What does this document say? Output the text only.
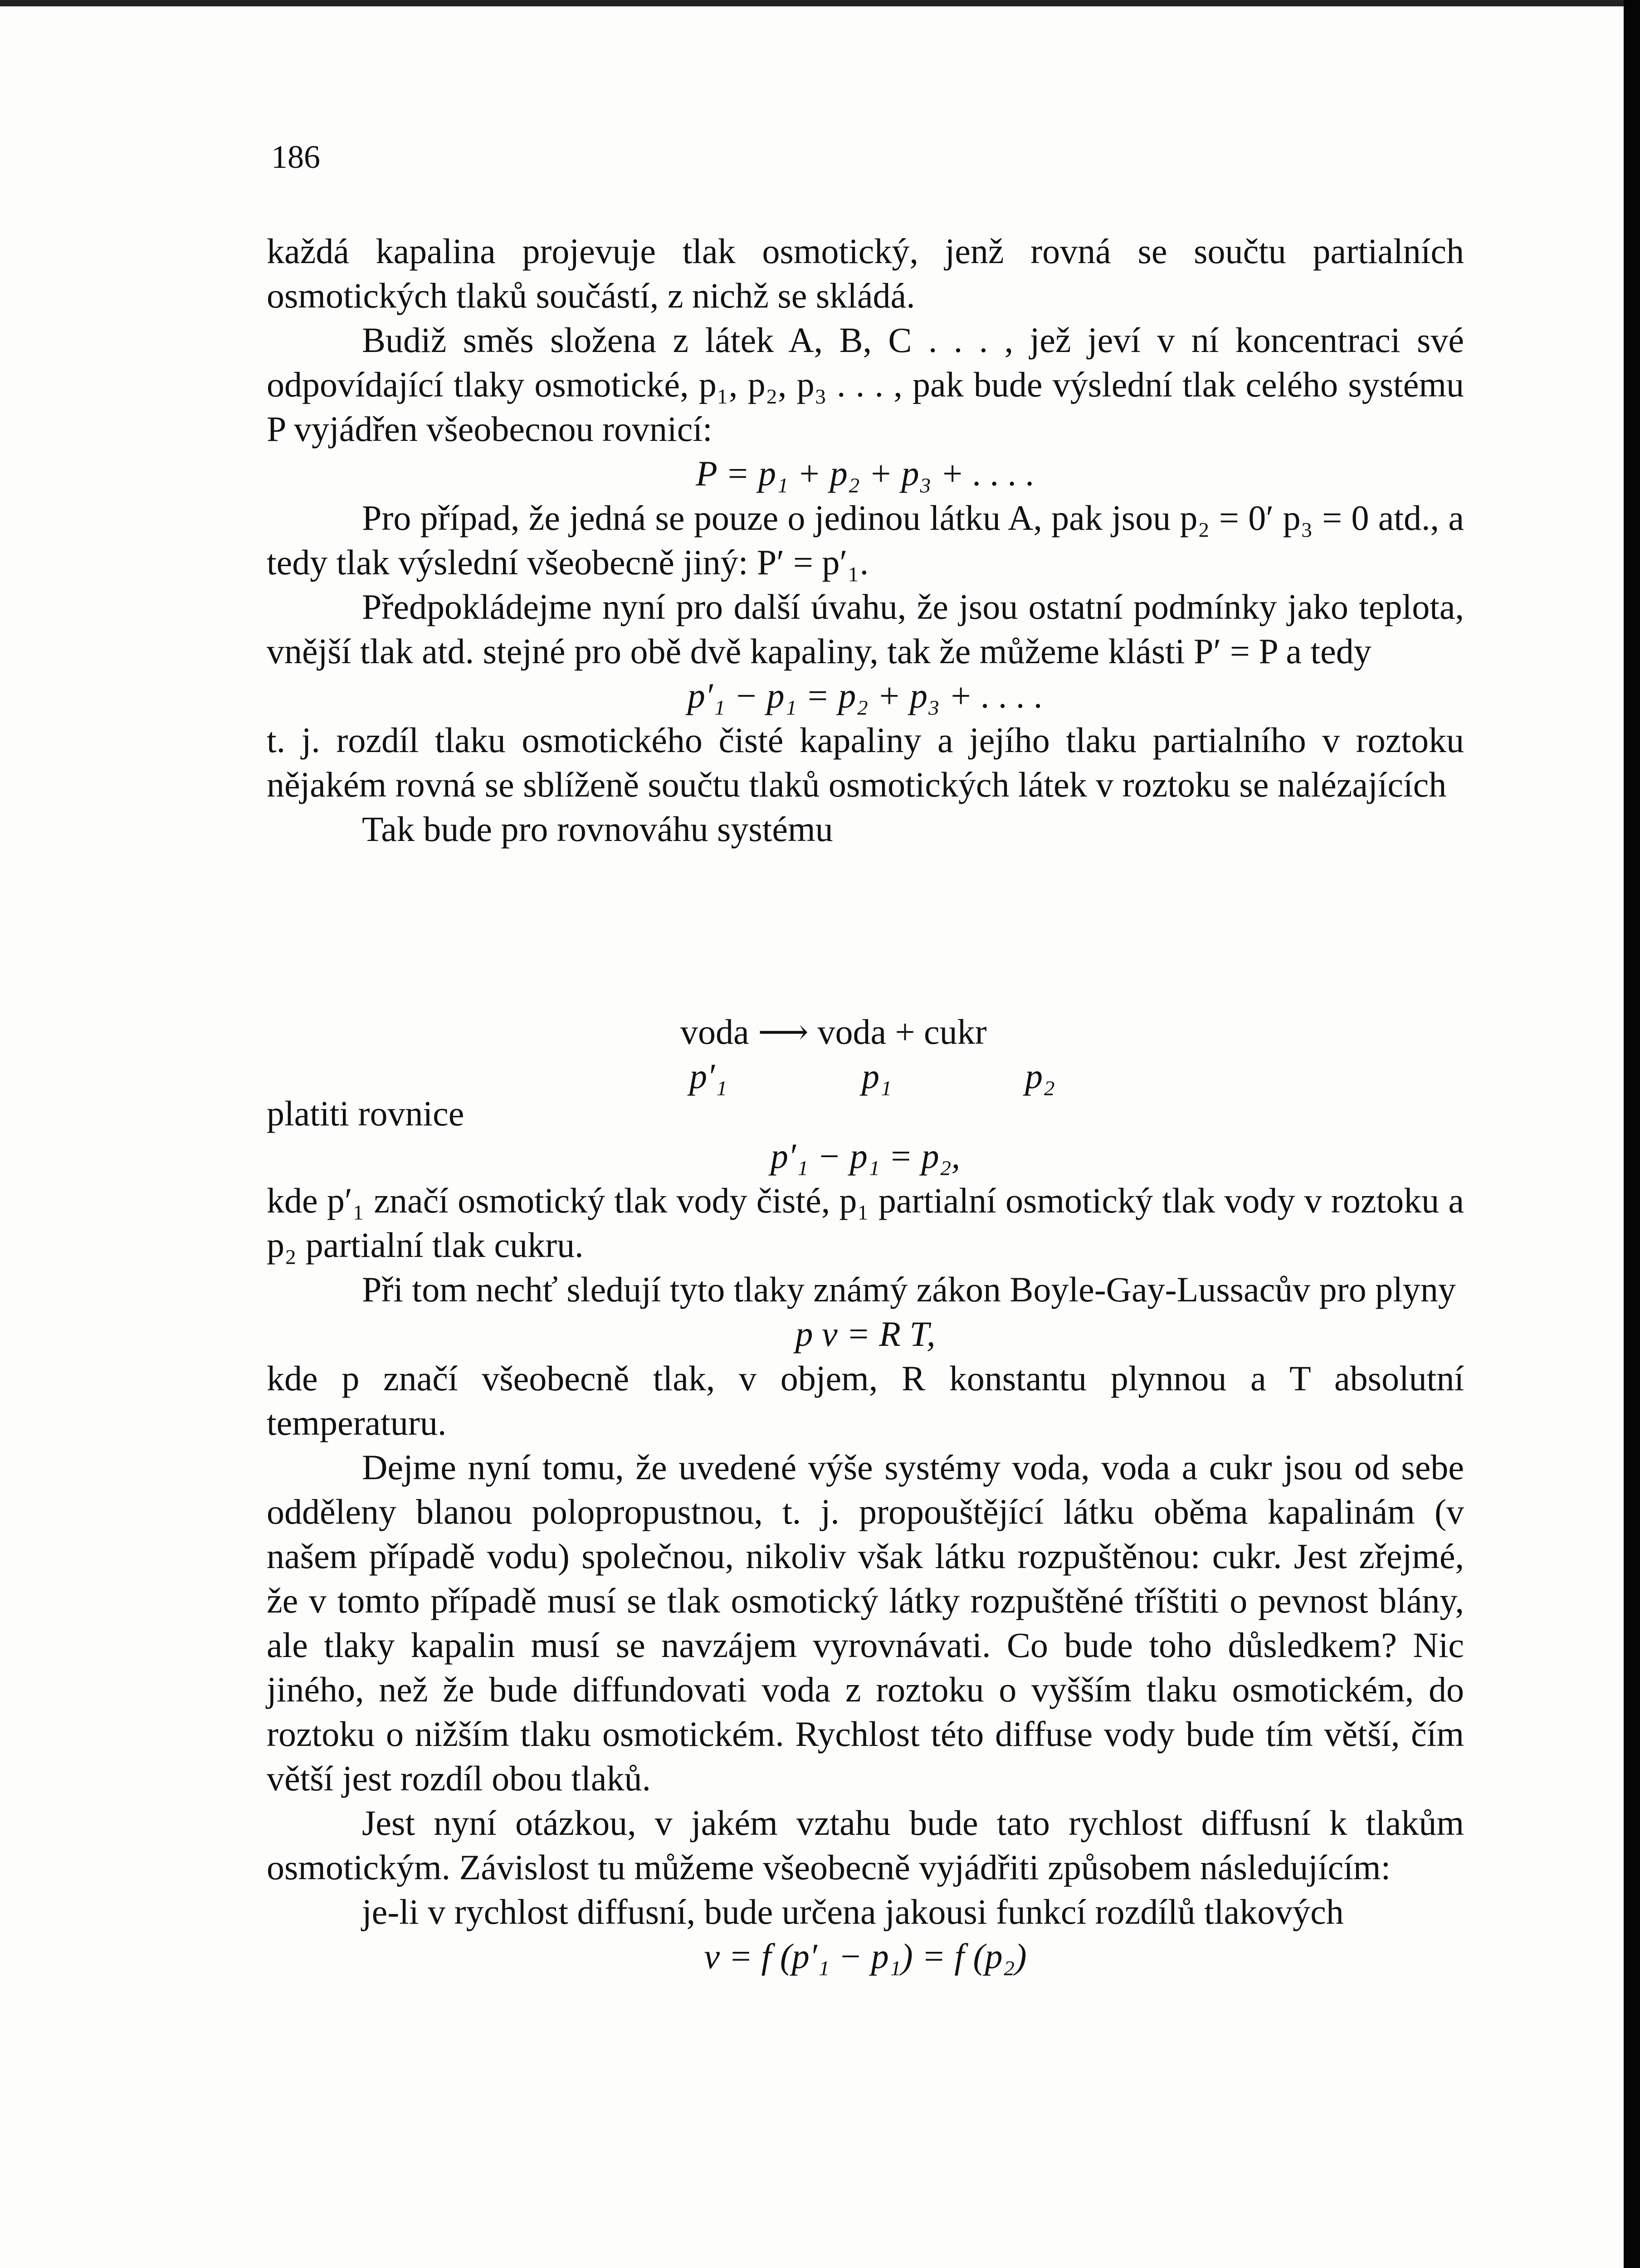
186

každá kapalina projevuje tlak osmotický, jenž rovná se součtu partialních osmotických tlaků součástí, z nichž se skládá.

Budiž směs složena z látek A, B, C . . . , jež jeví v ní koncentraci své odpovídající tlaky osmotické, p₁, p₂, p₃ . . . , pak bude výslední tlak celého systému P vyjádřen všeobecnou rovnicí:

P = p₁ + p₂ + p₃ + . . . .

Pro případ, že jedná se pouze o jedinou látku A, pak jsou p₂ = 0′ p₃ = 0 atd., a tedy tlak výslední všeobecně jiný: P′ = p′₁.

Předpokládejme nyní pro další úvahu, že jsou ostatní podmínky jako teplota, vnější tlak atd. stejné pro obě dvě kapaliny, tak že můžeme klásti P′ = P a tedy

p′₁ − p₁ = p₂ + p₃ + . . . .

t. j. rozdíl tlaku osmotického čisté kapaliny a jejího tlaku partialního v roztoku nějakém rovná se sblíženě součtu tlaků osmotických látek v roztoku se nalézajících

Tak bude pro rovnováhu systému

voda ⟶ voda + cukr
p′₁	p₁	p₂
platiti rovnice

p′₁ − p₁ = p₂,

kde p′₁ značí osmotický tlak vody čisté, p₁ partialní osmotický tlak vody v roztoku a p₂ partialní tlak cukru.

Při tom nechť sledují tyto tlaky známý zákon Boyle-Gay-Lussacův pro plyny

p v = R T,

kde p značí všeobecně tlak, v objem, R konstantu plynnou a T absolutní temperaturu.

Dejme nyní tomu, že uvedené výše systémy voda, voda a cukr jsou od sebe odděleny blanou polopropustnou, t. j. propouštějící látku oběma kapalinám (v našem případě vodu) společnou, nikoliv však látku rozpuštěnou: cukr. Jest zřejmé, že v tomto případě musí se tlak osmotický látky rozpuštěné tříštiti o pevnost blány, ale tlaky kapalin musí se navzájem vyrovnávati. Co bude toho důsledkem? Nic jiného, než že bude diffundovati voda z roztoku o vyšším tlaku osmotickém, do roztoku o nižším tlaku osmotickém. Rychlost této diffuse vody bude tím větší, čím větší jest rozdíl obou tlaků.

Jest nyní otázkou, v jakém vztahu bude tato rychlost diffusní k tlakům osmotickým. Závislost tu můžeme všeobecně vyjádřiti způsobem následujícím:

je-li v rychlost diffusní, bude určena jakousi funkcí rozdílů tlakových

v = f (p′₁ − p₁) = f (p₂)
